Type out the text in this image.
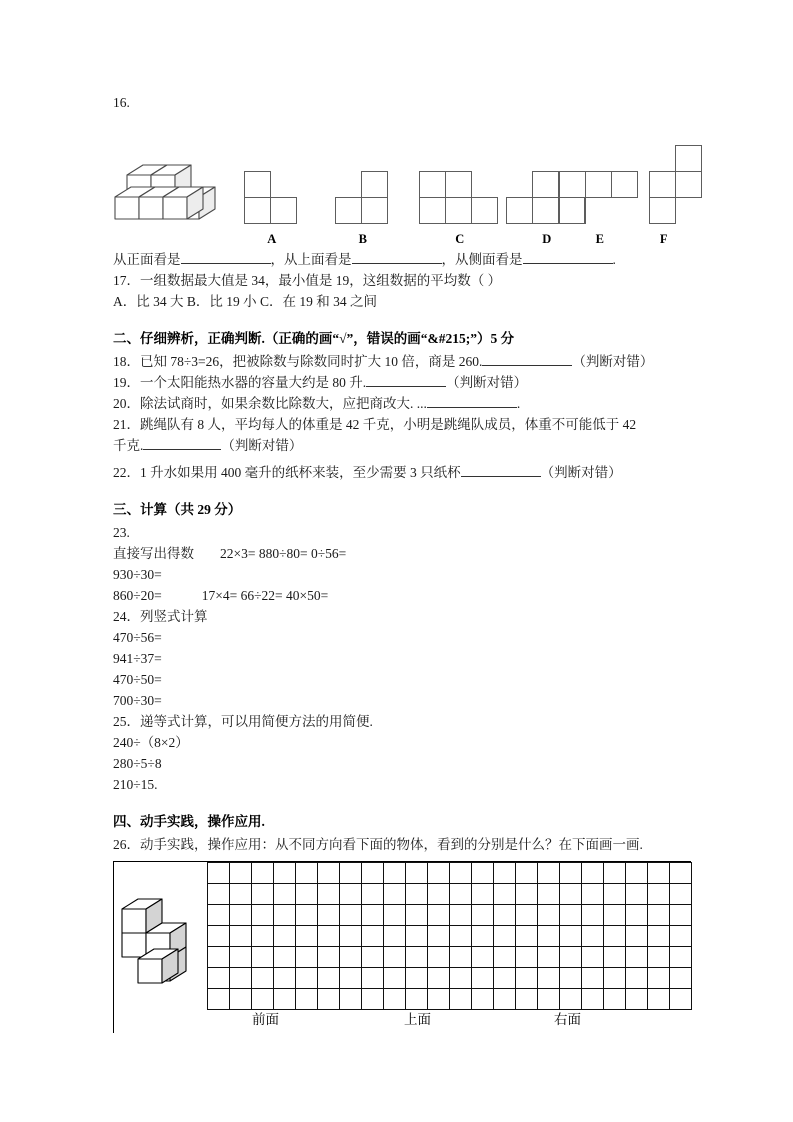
16.
A	B	C	D	E	F
从正面看是	，从上面看是	，从侧面看是	.
17．一组数据最大值是 34，最小值是 19，这组数据的平均数（ ）
A．比 34 大 B．比 19 小 C．在 19 和 34 之间
二、仔细辨析，正确判断.（正确的画“√”，错误的画“&#215;”）5 分
18．已知 78÷3=26，把被除数与除数同时扩大 10 倍，商是 260.	（判断对错）
19．一个太阳能热水器的容量大约是 80 升.	（判断对错）
20．除法试商时，如果余数比除数大，应把商改大. ...	.
21．跳绳队有 8 人，平均每人的体重是 42 千克，小明是跳绳队成员，体重不可能低于 42
千克.	（判断对错）
22．1 升水如果用 400 毫升的纸杯来装，至少需要 3 只纸杯	（判断对错）
三、计算（共 29 分）
23.
直接写出得数 22×3= 880÷80= 0÷56=
930÷30=
860÷20=	17×4= 66÷22= 40×50=
24．列竖式计算
470÷56=
941÷37=
470÷50=
700÷30=
25．递等式计算，可以用简便方法的用简便.
240÷（8×2）
280÷5÷8
210÷15.
四、动手实践，操作应用.
26．动手实践，操作应用：从不同方向看下面的物体，看到的分别是什么？在下面画一画.
前面	上面	右面
